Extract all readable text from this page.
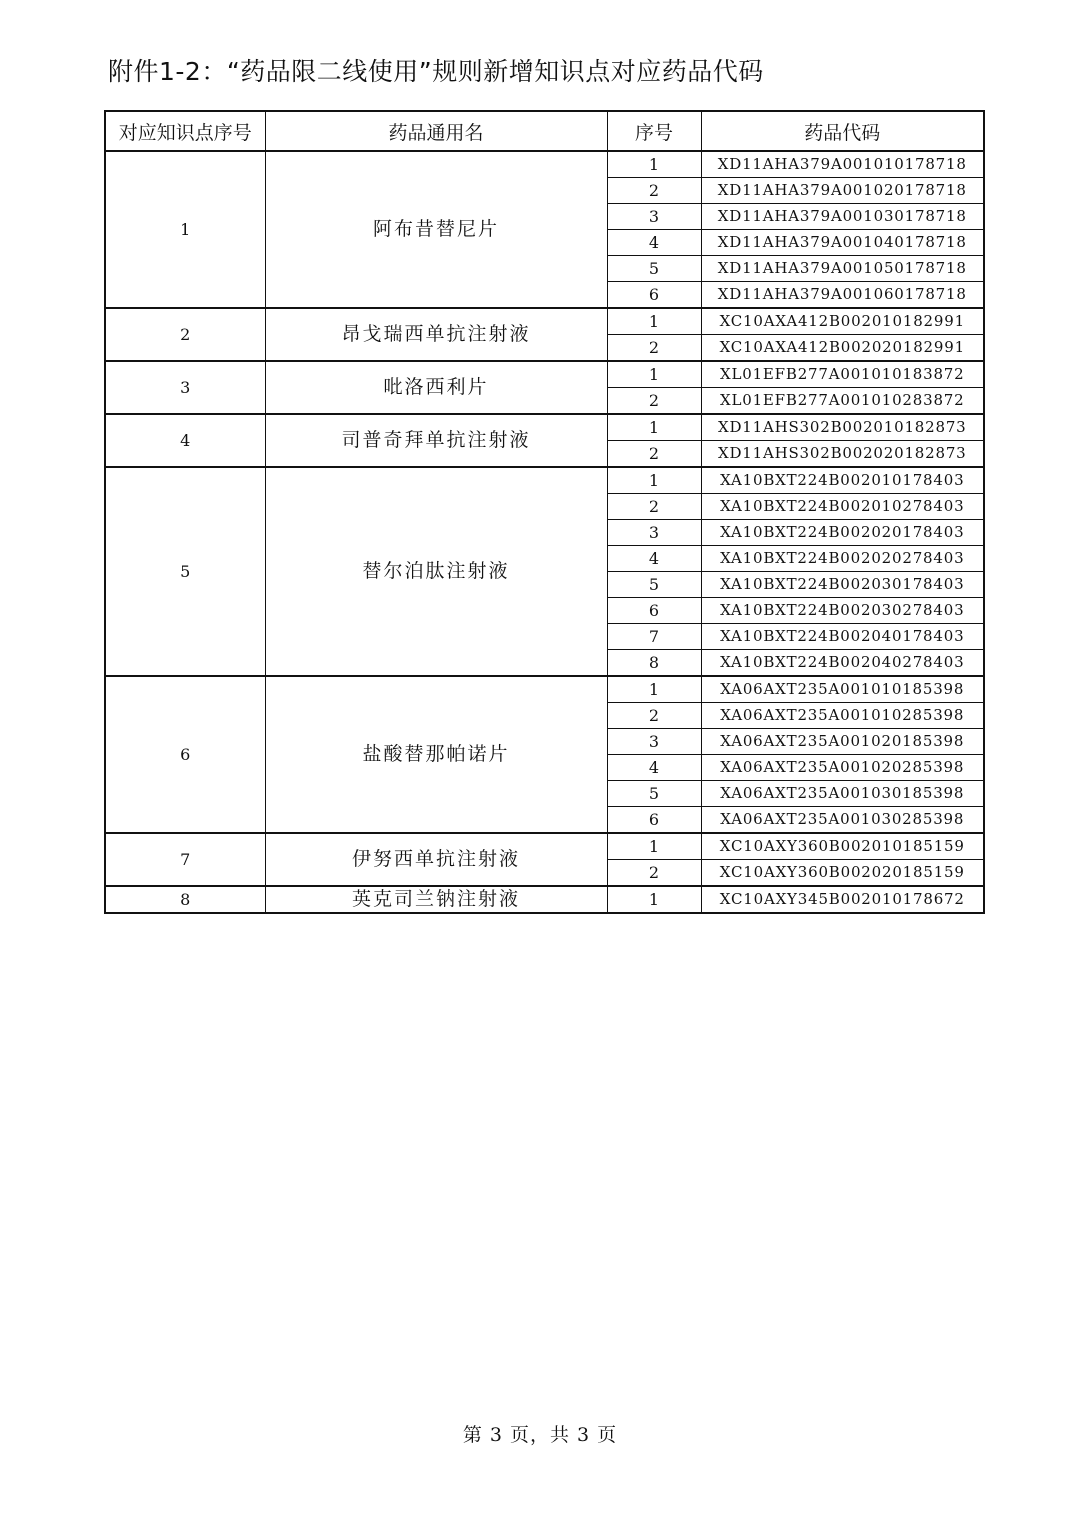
附件1-2：“药品限二线使用”规则新增知识点对应药品代码
对应知识点序号	药品通用名	序号	药品代码
1	阿布昔替尼片	1	XD11AHA379A001010178718
		2	XD11AHA379A001020178718
		3	XD11AHA379A001030178718
		4	XD11AHA379A001040178718
		5	XD11AHA379A001050178718
		6	XD11AHA379A001060178718
2	昂戈瑞西单抗注射液	1	XC10AXA412B002010182991
		2	XC10AXA412B002020182991
3	吡洛西利片	1	XL01EFB277A001010183872
		2	XL01EFB277A001010283872
4	司普奇拜单抗注射液	1	XD11AHS302B002010182873
		2	XD11AHS302B002020182873
5	替尔泊肽注射液	1	XA10BXT224B002010178403
		2	XA10BXT224B002010278403
		3	XA10BXT224B002020178403
		4	XA10BXT224B002020278403
		5	XA10BXT224B002030178403
		6	XA10BXT224B002030278403
		7	XA10BXT224B002040178403
		8	XA10BXT224B002040278403
6	盐酸替那帕诺片	1	XA06AXT235A001010185398
		2	XA06AXT235A001010285398
		3	XA06AXT235A001020185398
		4	XA06AXT235A001020285398
		5	XA06AXT235A001030185398
		6	XA06AXT235A001030285398
7	伊努西单抗注射液	1	XC10AXY360B002010185159
		2	XC10AXY360B002020185159
8	英克司兰钠注射液	1	XC10AXY345B002010178672
第 3 页，共 3 页
